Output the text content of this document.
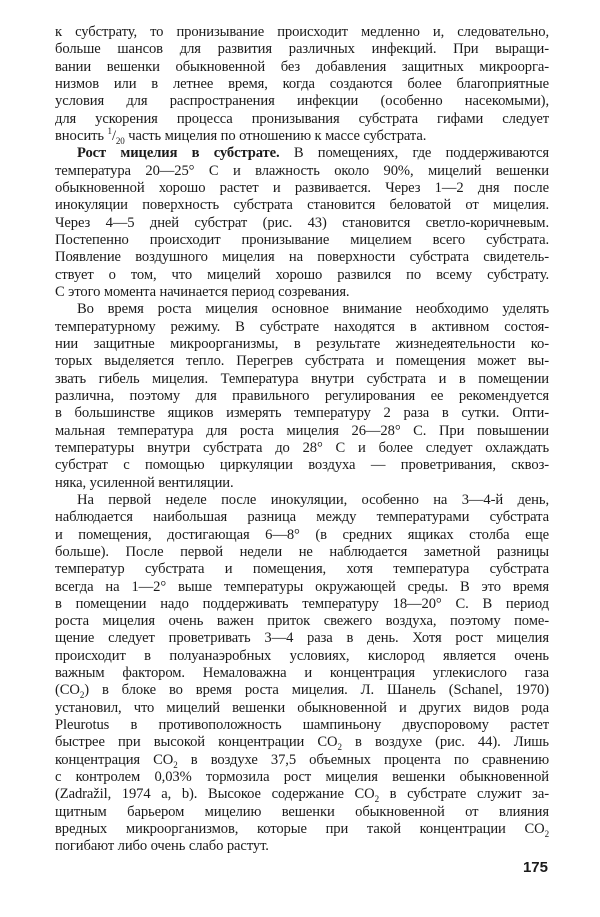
к субстрату, то пронизывание происходит медленно и, следовательно,
больше шансов для развития различных инфекций. При выращи-
вании вешенки обыкновенной без добавления защитных микроорга-
низмов или в летнее время, когда создаются более благоприятные
условия для распространения инфекции (особенно насекомыми),
для ускорения процесса пронизывания субстрата гифами следует
вносить $^1/_{20}$ часть мицелия по отношению к массе субстрата.
Рост мицелия в субстрате. В помещениях, где поддерживаются
температура 20—25° C и влажность около 90%, мицелий вешенки
обыкновенной хорошо растет и развивается. Через 1—2 дня после
инокуляции поверхность субстрата становится беловатой от мицелия.
Через 4—5 дней субстрат (рис. 43) становится светло-коричневым.
Постепенно происходит пронизывание мицелием всего субстрата.
Появление воздушного мицелия на поверхности субстрата свидетель-
ствует о том, что мицелий хорошо развился по всему субстрату.
С этого момента начинается период созревания.
Во время роста мицелия основное внимание необходимо уделять
температурному режиму. В субстрате находятся в активном состоя-
нии защитные микроорганизмы, в результате жизнедеятельности ко-
торых выделяется тепло. Перегрев субстрата и помещения может вы-
звать гибель мицелия. Температура внутри субстрата и в помещении
различна, поэтому для правильного регулирования ее рекомендуется
в большинстве ящиков измерять температуру 2 раза в сутки. Опти-
мальная температура для роста мицелия 26—28° C. При повышении
температуры внутри субстрата до 28° C и более следует охлаждать
субстрат с помощью циркуляции воздуха — проветривания, сквоз-
няка, усиленной вентиляции.
На первой неделе после инокуляции, особенно на 3—4-й день,
наблюдается наибольшая разница между температурами субстрата
и помещения, достигающая 6—8° (в средних ящиках столба еще
больше). После первой недели не наблюдается заметной разницы
температур субстрата и помещения, хотя температура субстрата
всегда на 1—2° выше температуры окружающей среды. В это время
в помещении надо поддерживать температуру 18—20° C. В период
роста мицелия очень важен приток свежего воздуха, поэтому поме-
щение следует проветривать 3—4 раза в день. Хотя рост мицелия
происходит в полуанаэробных условиях, кислород является очень
важным фактором. Немаловажна и концентрация углекислого газа
$(CO_2)$ в блоке во время роста мицелия. Л. Шанель (Schanel, 1970)
установил, что мицелий вешенки обыкновенной и других видов рода
Pleurotus в противоположность шампиньону двуспоровому растет
быстрее при высокой концентрации $CO_2$ в воздухе (рис. 44). Лишь
концентрация $CO_2$ в воздухе 37,5 объемных процента по сравнению
с контролем 0,03% тормозила рост мицелия вешенки обыкновенной
(Zadražil, 1974 a, b). Высокое содержание $CO_2$ в субстрате служит за-
щитным барьером мицелию вешенки обыкновенной от влияния
вредных микроорганизмов, которые при такой концентрации $CO_2$
погибают либо очень слабо растут.
175
